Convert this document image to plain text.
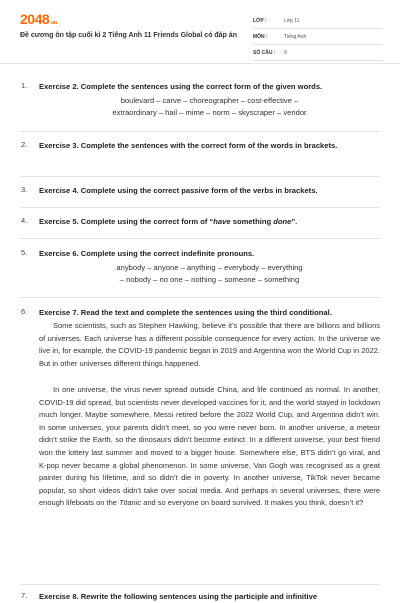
2048.vn
Đề cương ôn tập cuối kì 2 Tiếng Anh 11 Friends Global có đáp án
LỚP :	Lớp 11
MÔN :	Tiếng Anh
SỐ CÂU :	9
1. Exercise 2. Complete the sentences using the correct form of the given words.
boulevard – carve – choreographer – cost-effective –
extraordinary – hail – mime – norm – skyscraper – vendor
2. Exercise 3. Complete the sentences with the correct form of the words in brackets.
3. Exercise 4. Complete using the correct passive form of the verbs in brackets.
4. Exercise 5. Complete using the correct form of “have something done”.
5. Exercise 6. Complete using the correct indefinite pronouns.
anybody – anyone – anything – everybody – everything
– nobody – no one – nothing – someone – something
6. Exercise 7. Read the text and complete the sentences using the third conditional.
Some scientists, such as Stephen Hawking, believe it’s possible that there are billions and billions of universes. Each universe has a different possible consequence for every action. In the universe we live in, for example, the COVID-19 pandemic began in 2019 and Argentina won the World Cup in 2022. But in other universes different things happened.
In one universe, the virus never spread outside China, and life continued as normal. In another, COVID-19 did spread, but scientists never developed vaccines for it, and the world stayed in lockdown much longer. Maybe somewhere, Messi retired before the 2022 World Cup, and Argentina didn’t win. In some universes, your parents didn’t meet, so you were never born. In another universe, a meteor didn’t strike the Earth, so the dinosaurs didn’t become extinct. In a different universe, your best friend won the lottery last summer and moved to a bigger house. Somewhere else, BTS didn’t go viral, and K-pop never became a global phenomenon. In some universe, Van Gogh was recognised as a great painter during his lifetime, and so didn’t die in poverty. In another universe, TikTok never became popular, so short videos didn’t take over social media. And perhaps in several universes, there were enough lifeboats on the Titanic and so everyone on board survived. It makes you think, doesn’t it?
7. Exercise 8. Rewrite the following sentences using the participle and infinitive
